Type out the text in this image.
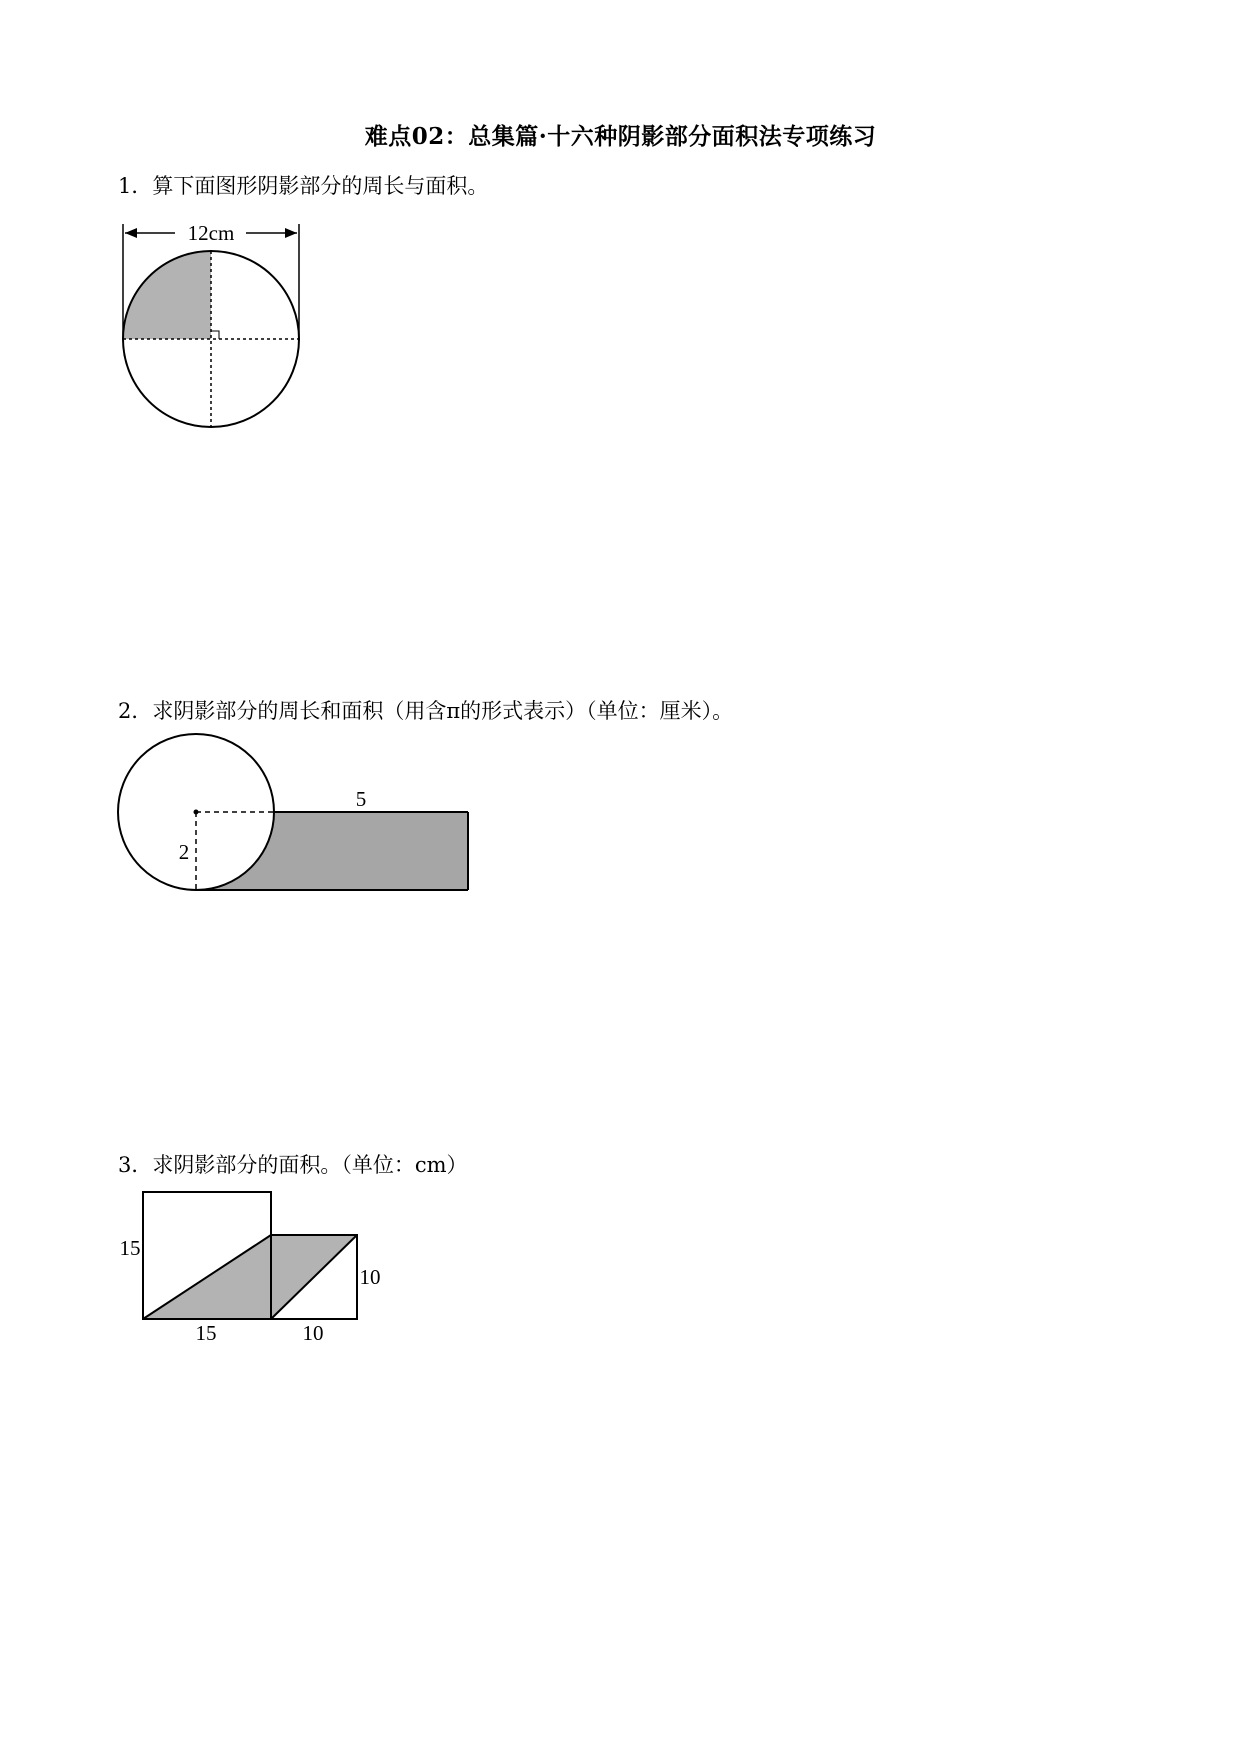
难点02：总集篇·十六种阴影部分面积法专项练习
1．算下面图形阴影部分的周长与面积。
12cm
2
5
15
15
10
10
2．求阴影部分的周长和面积（用含π的形式表示）（单位：厘米）。
3．求阴影部分的面积。（单位：cm）
